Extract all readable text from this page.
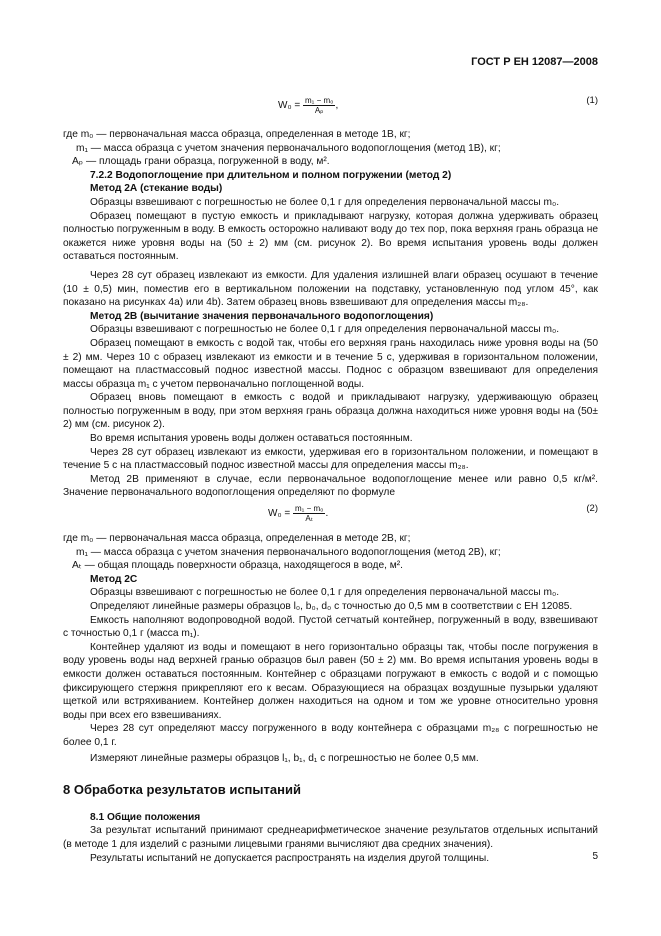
ГОСТ Р ЕН 12087—2008
$W_0 = \frac{\text{m₁ − m₀}}{\text{Aₚ}}$ ,	(1)

где m₀ — первоначальная масса образца, определенная в методе 1В, кг;

m₁ — масса образца с учетом значения первоначального водопоглощения (метод 1В), кг;

Aₚ — площадь грани образца, погруженной в воду, м².

7.2.2 Водопоглощение при длительном и полном погружении (метод 2)

Метод 2А (стекание воды)

Образцы взвешивают с погрешностью не более 0,1 г для определения первоначальной массы m₀.

Образец помещают в пустую емкость и прикладывают нагрузку, которая должна удерживать образец полностью погруженным в воду. В емкость осторожно наливают воду до тех пор, пока верхняя грань образца не окажется ниже уровня воды на (50 ± 2) мм (см. рисунок 2). Во время испытания уровень воды должен оставаться постоянным.

Через 28 сут образец извлекают из емкости. Для удаления излишней влаги образец осушают в течение (10 ± 0,5) мин, поместив его в вертикальном положении на подставку, установленную под углом 45°, как показано на рисунках 4а) или 4b). Затем образец вновь взвешивают для определения массы m₂₈.

Метод 2В (вычитание значения первоначального водопоглощения)

Образцы взвешивают с погрешностью не более 0,1 г для определения первоначальной массы m₀.

Образец помещают в емкость с водой так, чтобы его верхняя грань находилась ниже уровня воды на (50 ± 2) мм. Через 10 с образец извлекают из емкости и в течение 5 с, удерживая в горизонтальном положении, помещают на пластмассовый поднос известной массы. Поднос с образцом взвешивают для определения массы образца m₁ с учетом первоначально поглощенной воды.

Образец вновь помещают в емкость с водой и прикладывают нагрузку, удерживающую образец полностью погруженным в воду, при этом верхняя грань образца должна находиться ниже уровня воды на (50± 2) мм (см. рисунок 2).

Во время испытания уровень воды должен оставаться постоянным.

Через 28 сут образец извлекают из емкости, удерживая его в горизонтальном положении, и помещают в течение 5 с на пластмассовый поднос известной массы для определения массы m₂₈.

Метод 2В применяют в случае, если первоначальное водопоглощение менее или равно 0,5 кг/м². Значение первоначального водопоглощения определяют по формуле

$W_0 = \frac{\text{m₁ − m₀}}{\text{Aₜ}}$ .	(2)

где m₀ — первоначальная масса образца, определенная в методе 2В, кг;

m₁ — масса образца с учетом значения первоначального водопоглощения (метод 2В), кг;

Aₜ — общая площадь поверхности образца, находящегося в воде, м².

Метод 2С

Образцы взвешивают с погрешностью не более 0,1 г для определения первоначальной массы m₀.

Определяют линейные размеры образцов l₀, b₀, d₀ с точностью до 0,5 мм в соответствии с ЕН 12085.

Емкость наполняют водопроводной водой. Пустой сетчатый контейнер, погруженный в воду, взвешивают с точностью 0,1 г (масса m₁).

Контейнер удаляют из воды и помещают в него горизонтально образцы так, чтобы после погружения в воду уровень воды над верхней гранью образцов был равен (50 ± 2) мм. Во время испытания уровень воды в емкости должен оставаться постоянным. Контейнер с образцами погружают в емкость с водой и с помощью фиксирующего стержня прикрепляют его к весам. Образующиеся на образцах воздушные пузырьки удаляют щеткой или встряхиванием. Контейнер должен находиться на одном и том же уровне относительно уровня воды при всех его взвешиваниях.

Через 28 сут определяют массу погруженного в воду контейнера с образцами m₂₈ с погрешностью не более 0,1 г.

Измеряют линейные размеры образцов l₁, b₁, d₁ с погрешностью не более 0,5 мм.

8 Обработка результатов испытаний

8.1 Общие положения

За результат испытаний принимают среднеарифметическое значение результатов отдельных испытаний (в методе 1 для изделий с разными лицевыми гранями вычисляют два средних значения).

Результаты испытаний не допускается распространять на изделия другой толщины.	5
